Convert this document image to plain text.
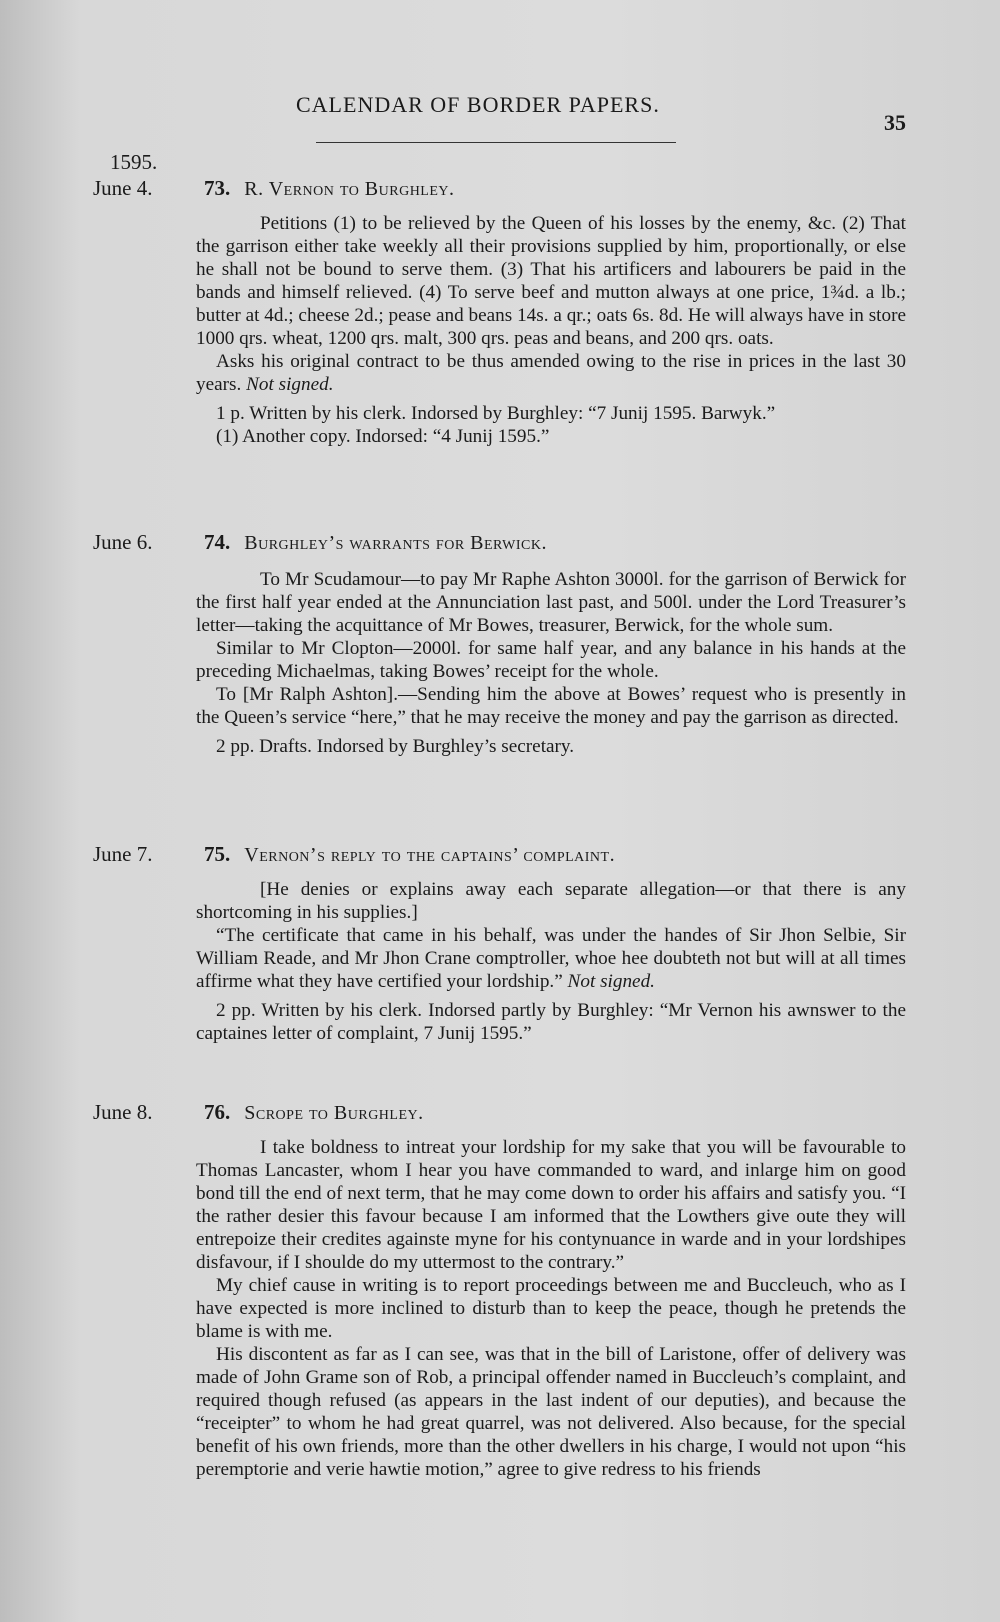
CALENDAR OF BORDER PAPERS.
35
1595.
June 4. 73. R. Vernon to Burghley.

Petitions (1) to be relieved by the Queen of his losses by the enemy, &c. (2) That the garrison either take weekly all their provisions supplied by him, proportionally, or else he shall not be bound to serve them. (3) That his artificers and labourers be paid in the bands and himself relieved. (4) To serve beef and mutton always at one price, 1¾d. a lb.; butter at 4d.; cheese 2d.; pease and beans 14s. a qr.; oats 6s. 8d. He will always have in store 1000 qrs. wheat, 1200 qrs. malt, 300 qrs. peas and beans, and 200 qrs. oats.

Asks his original contract to be thus amended owing to the rise in prices in the last 30 years. Not signed.

1 p. Written by his clerk. Indorsed by Burghley: “7 Junij 1595. Barwyk.”

(1) Another copy. Indorsed: “4 Junij 1595.”

June 6. 74. Burghley’s warrants for Berwick.

To Mr Scudamour—to pay Mr Raphe Ashton 3000l. for the garrison of Berwick for the first half year ended at the Annunciation last past, and 500l. under the Lord Treasurer’s letter—taking the acquittance of Mr Bowes, treasurer, Berwick, for the whole sum.

Similar to Mr Clopton—2000l. for same half year, and any balance in his hands at the preceding Michaelmas, taking Bowes’ receipt for the whole.

To [Mr Ralph Ashton].—Sending him the above at Bowes’ request who is presently in the Queen’s service “here,” that he may receive the money and pay the garrison as directed.

2 pp. Drafts. Indorsed by Burghley’s secretary.

June 7. 75. Vernon’s reply to the captains’ complaint.

[He denies or explains away each separate allegation—or that there is any shortcoming in his supplies.]

“The certificate that came in his behalf, was under the handes of Sir Jhon Selbie, Sir William Reade, and Mr Jhon Crane comptroller, whoe hee doubteth not but will at all times affirme what they have certified your lordship.” Not signed.

2 pp. Written by his clerk. Indorsed partly by Burghley: “Mr Vernon his awnswer to the captaines letter of complaint, 7 Junij 1595.”

June 8. 76. Scrope to Burghley.

I take boldness to intreat your lordship for my sake that you will be favourable to Thomas Lancaster, whom I hear you have commanded to ward, and inlarge him on good bond till the end of next term, that he may come down to order his affairs and satisfy you. “I the rather desier this favour because I am informed that the Lowthers give oute they will entrepoize their credites againste myne for his contynuance in warde and in your lordshipes disfavour, if I shoulde do my uttermost to the contrary.”

My chief cause in writing is to report proceedings between me and Buccleuch, who as I have expected is more inclined to disturb than to keep the peace, though he pretends the blame is with me.

His discontent as far as I can see, was that in the bill of Laristone, offer of delivery was made of John Grame son of Rob, a principal offender named in Buccleuch’s complaint, and required though refused (as appears in the last indent of our deputies), and because the “receipter” to whom he had great quarrel, was not delivered. Also because, for the special benefit of his own friends, more than the other dwellers in his charge, I would not upon “his peremptorie and verie hawtie motion,” agree to give redress to his friends
